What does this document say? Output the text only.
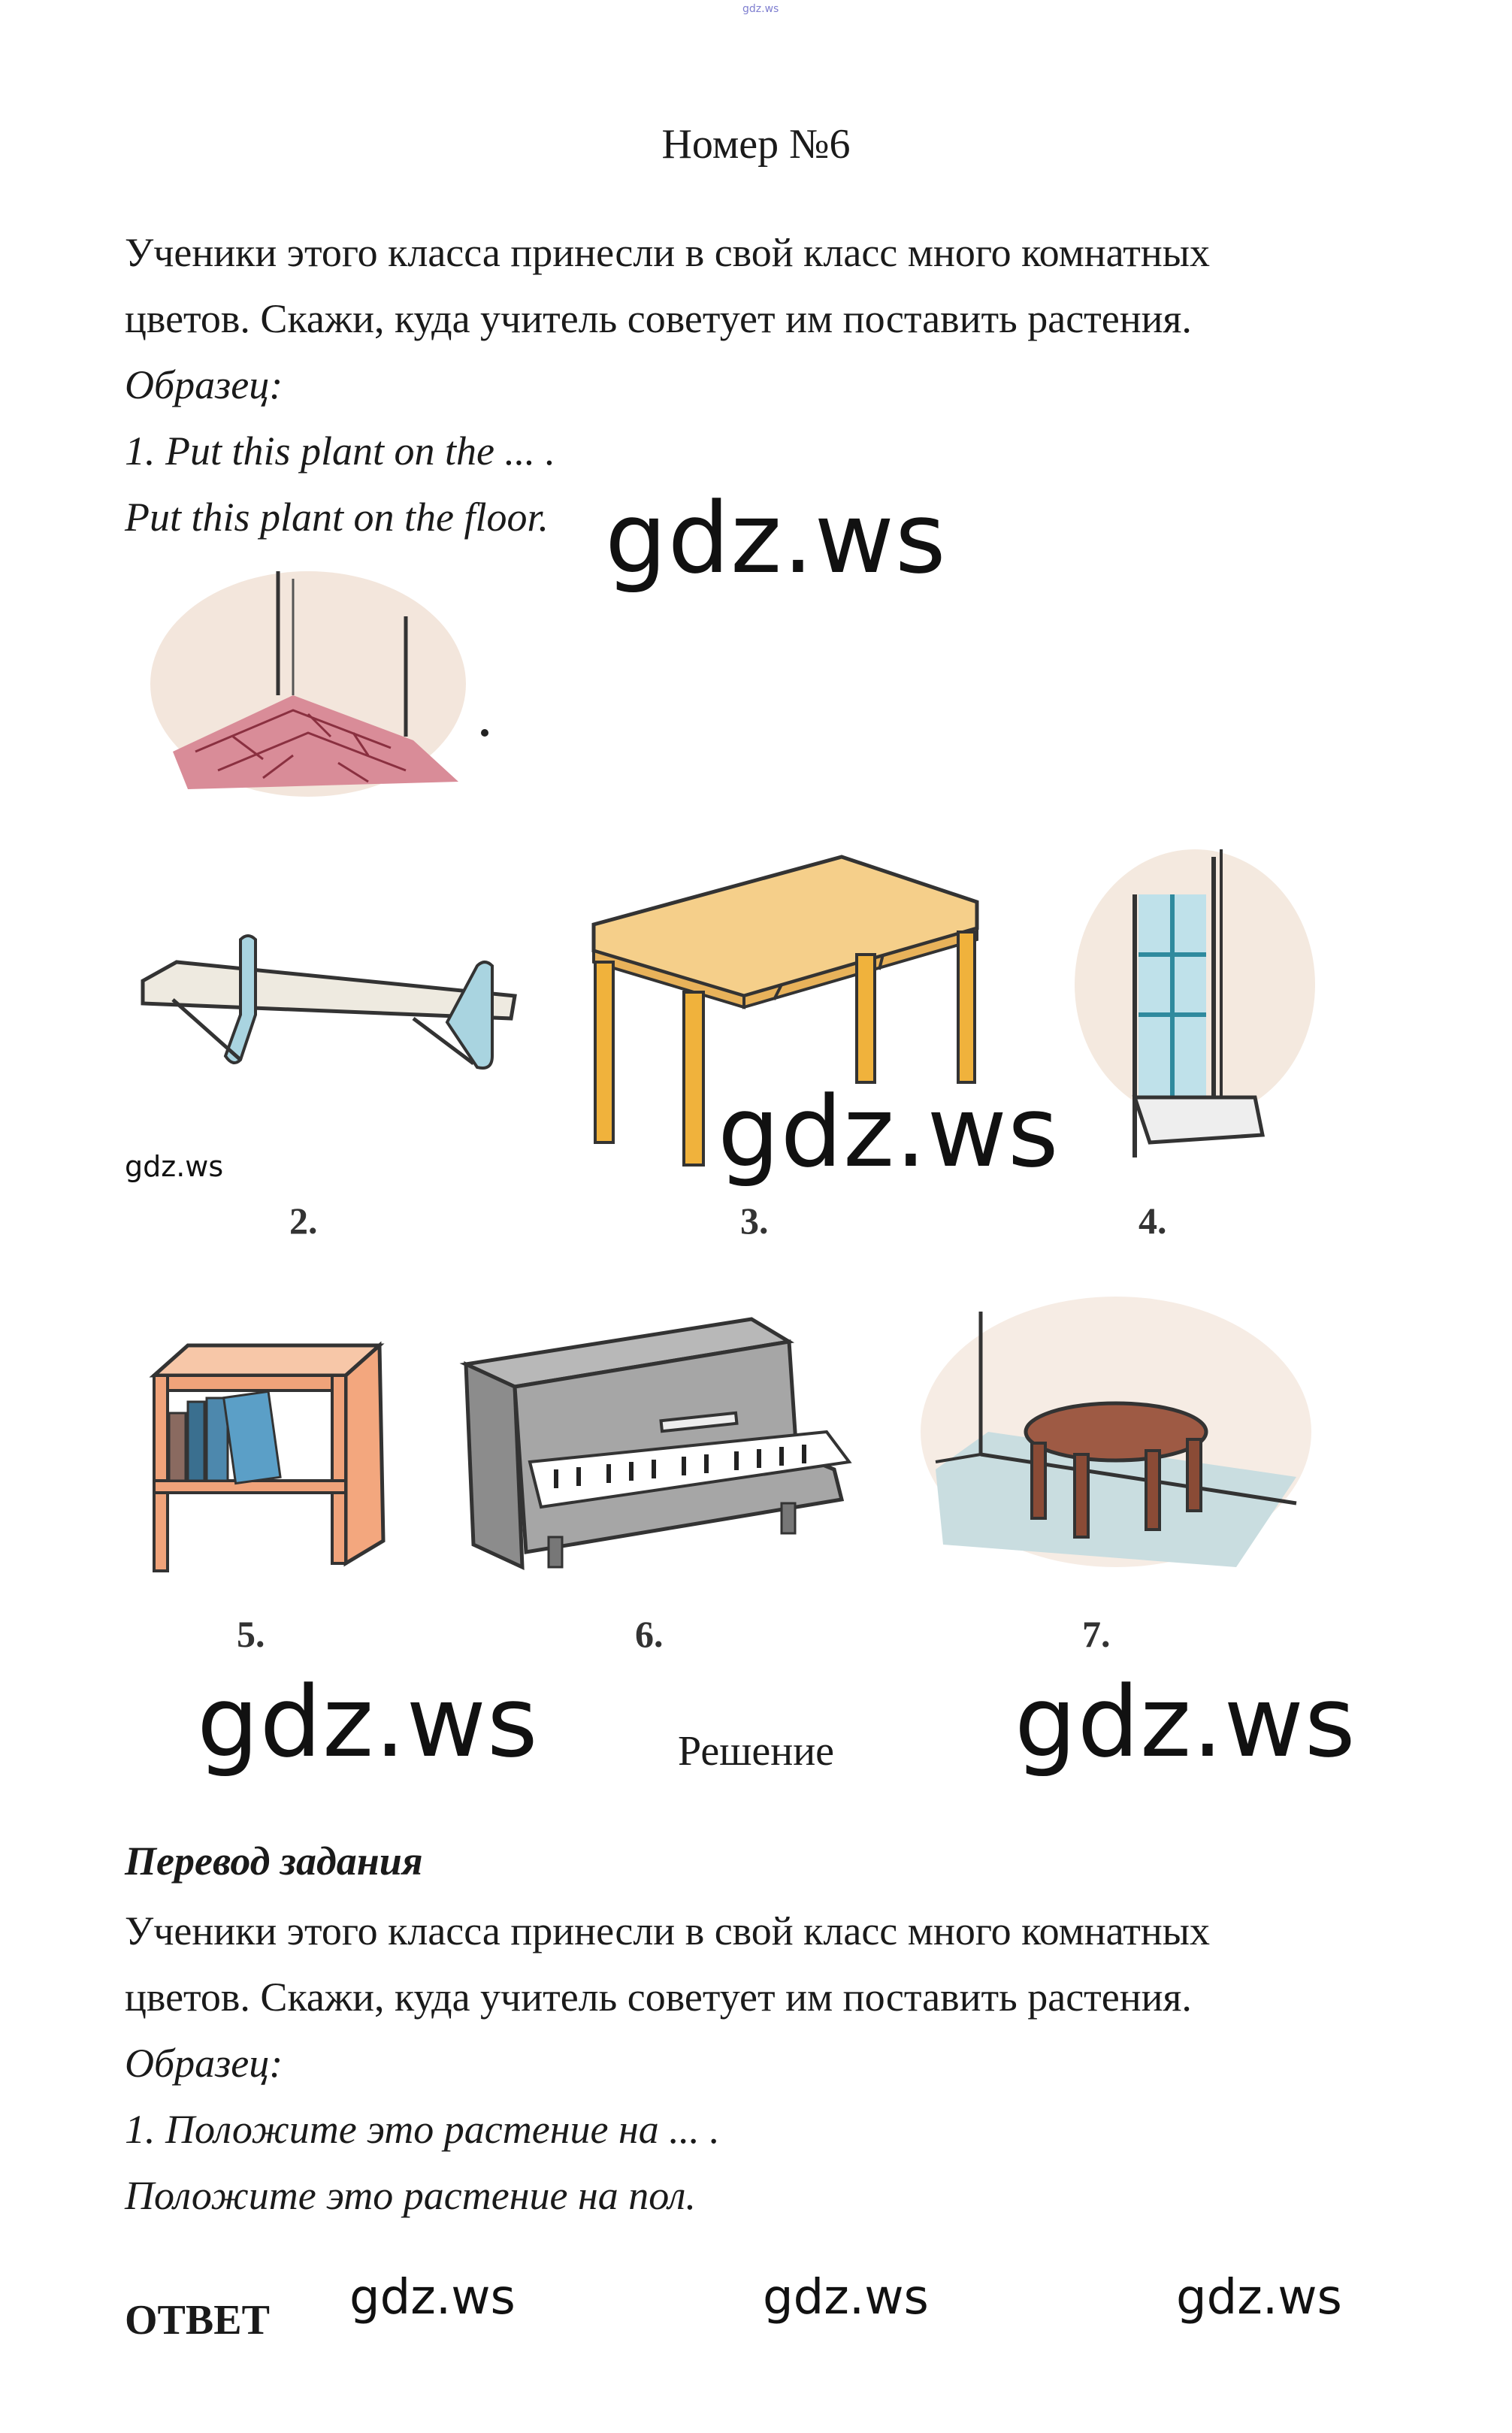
gdz.ws
Номер №6
Ученики этого класса принесли в свой класс много комнатных
цветов. Скажи, куда учитель советует им поставить растения.
Образец:
1. Put this plant on the ... .
Put this plant on the floor. gdz.ws
gdz.ws	gdz.ws
2.	3.	4.
5.	6.	7.
gdz.ws	Решение	gdz.ws
Перевод задания
Ученики этого класса принесли в свой класс много комнатных
цветов. Скажи, куда учитель советует им поставить растения.
Образец:
1. Положите это растение на ... .
Положите это растение на пол.
ОТВЕТ gdz.ws	gdz.ws	gdz.ws
